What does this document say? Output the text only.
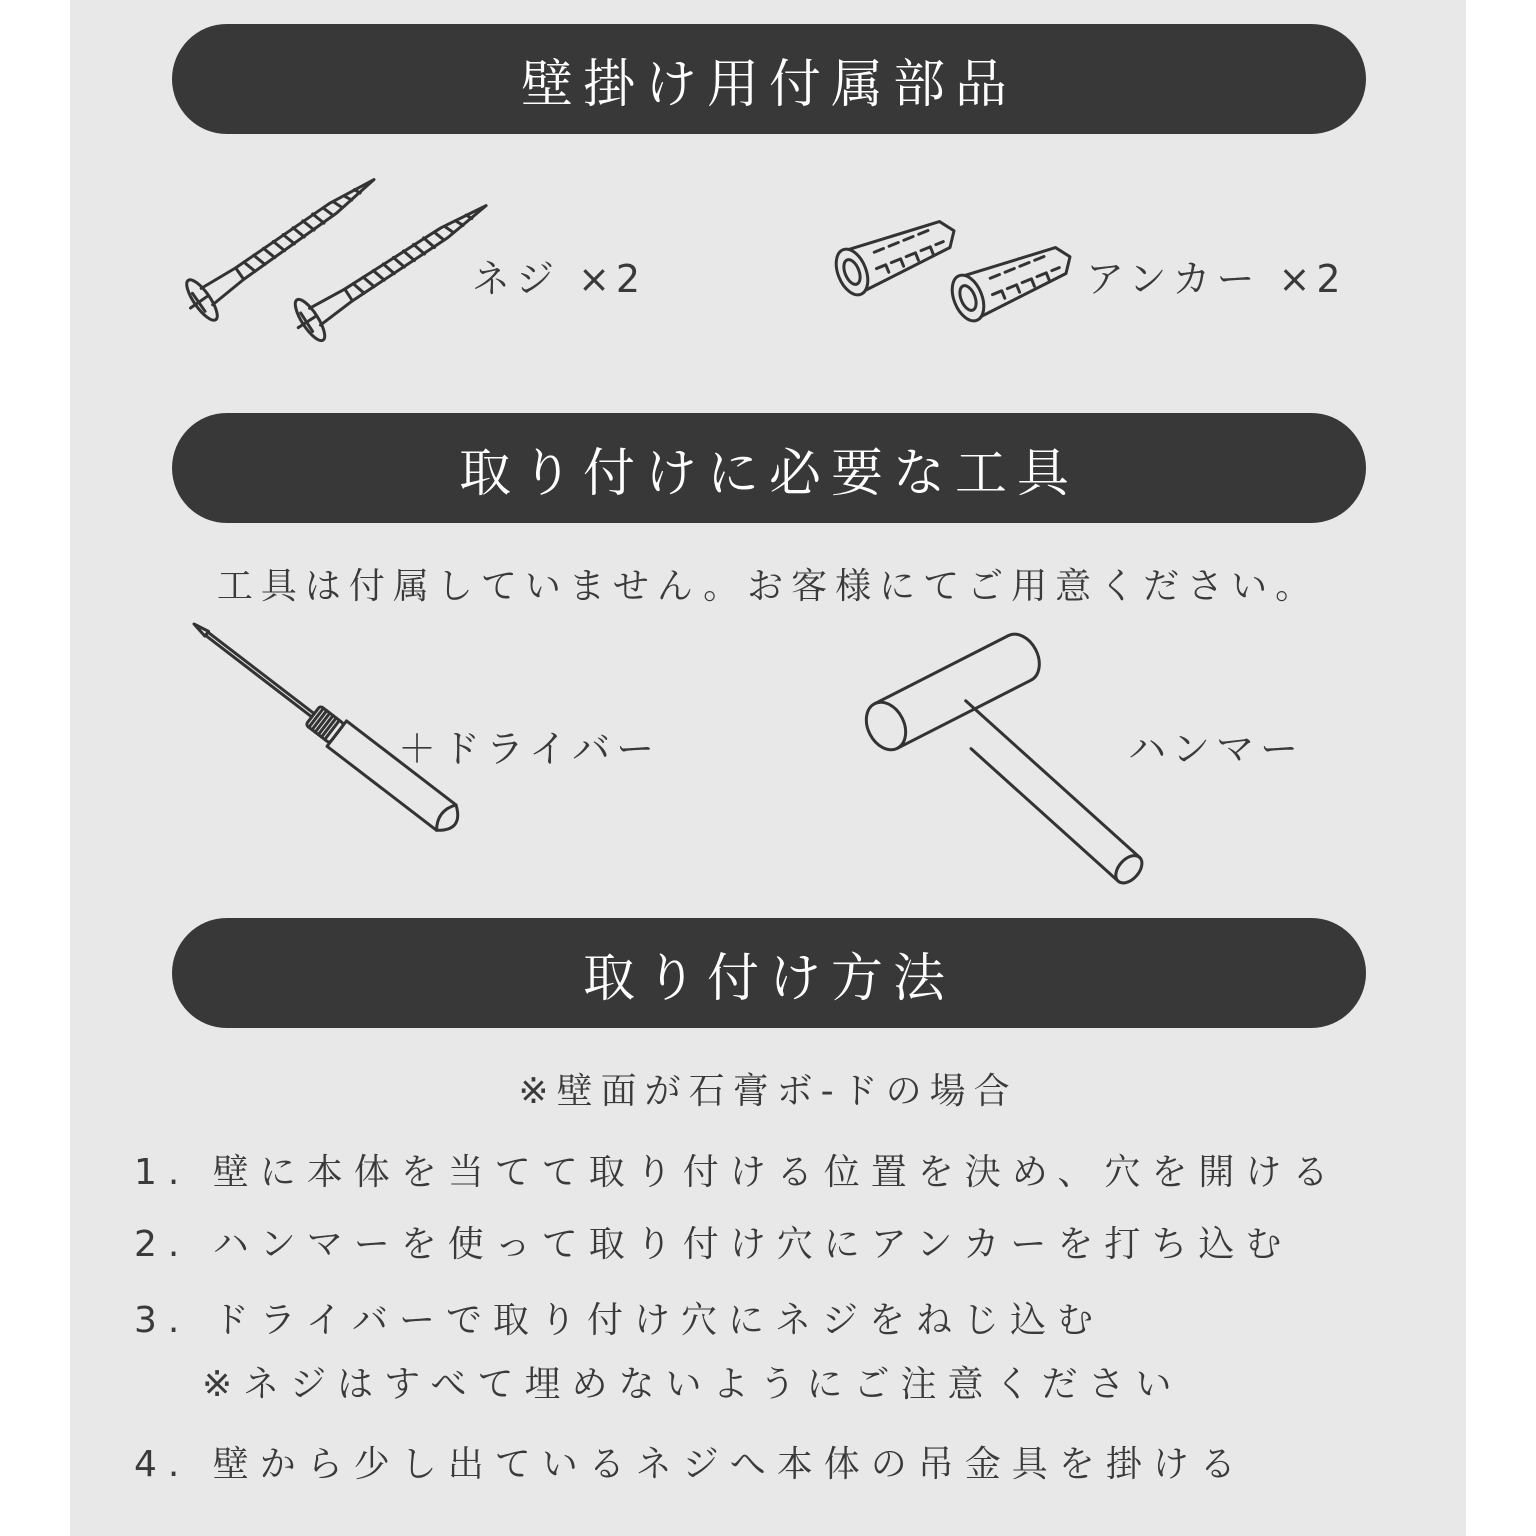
壁掛け用付属部品
ネジ ×2	アンカー ×2
取り付けに必要な工具
工具は付属していません。お客様にてご用意ください。
＋ドライバー	ハンマー
取り付け方法
※壁面が石膏ボ-ドの場合
1. 壁に本体を当てて取り付ける位置を決め、穴を開ける
2. ハンマーを使って取り付け穴にアンカーを打ち込む
3. ドライバーで取り付け穴にネジをねじ込む
※ネジはすべて埋めないようにご注意ください
4. 壁から少し出ているネジへ本体の吊金具を掛ける
